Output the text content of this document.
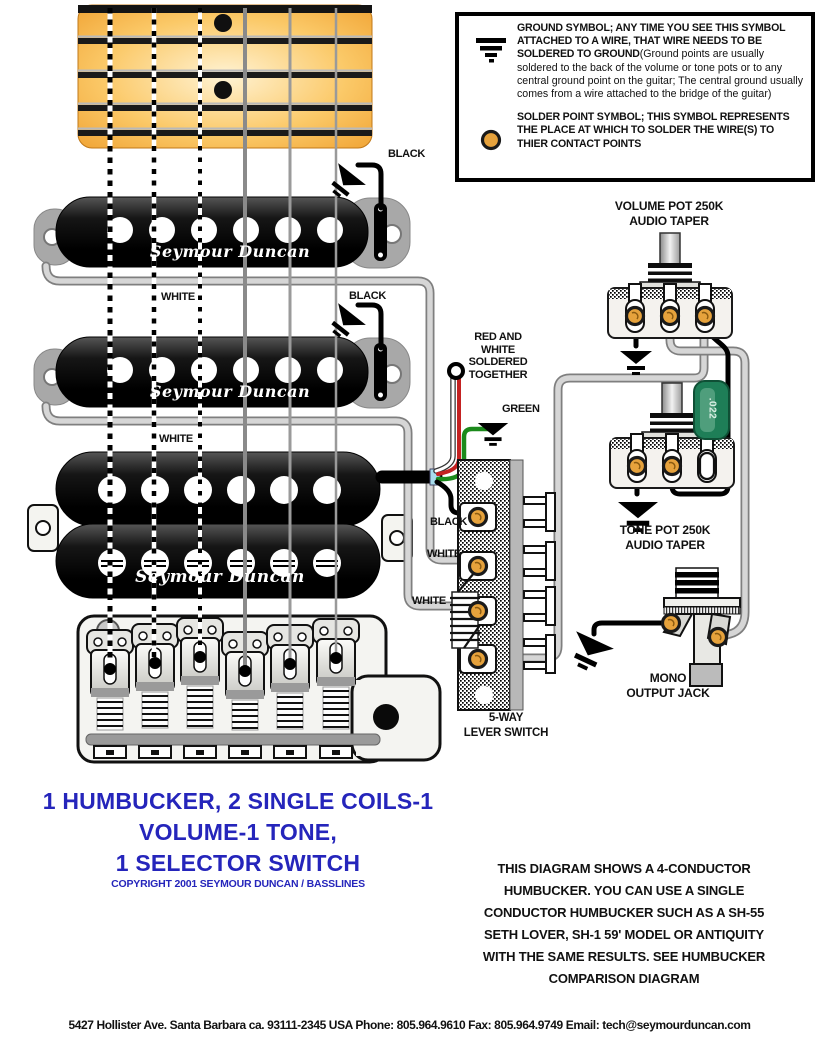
GROUND SYMBOL; ANY TIME YOU SEE THIS SYMBOL ATTACHED TO A WIRE, THAT WIRE NEEDS TO BE SOLDERED TO GROUND(Ground points are usually soldered to the back of the volume or tone pots or to any central ground point on the guitar; The central ground usually comes from a wire attached to the bridge of the guitar)
SOLDER POINT SYMBOL; THIS SYMBOL REPRESENTS THE PLACE AT WHICH TO SOLDER THE WIRE(S) TO THIER CONTACT POINTS
BLACK
WHITE	BLACK
WHITE
RED AND WHITE SOLDERED TOGETHER
GREEN
BLACK
WHITE
WHITE
VOLUME POT 250K
AUDIO TAPER
TONE POT 250K
AUDIO TAPER
5-WAY
LEVER SWITCH
MONO
OUTPUT JACK
.022
Seymour Duncan
Seymour Duncan
Seymour Duncan
1 HUMBUCKER, 2 SINGLE COILS-1
VOLUME-1 TONE,
1 SELECTOR SWITCH
COPYRIGHT 2001 SEYMOUR DUNCAN / BASSLINES
THIS DIAGRAM SHOWS A 4-CONDUCTOR
HUMBUCKER. YOU CAN USE A SINGLE
CONDUCTOR HUMBUCKER SUCH AS A SH-55
SETH LOVER, SH-1 59' MODEL OR ANTIQUITY
WITH THE SAME RESULTS. SEE HUMBUCKER
COMPARISON DIAGRAM
5427 Hollister Ave. Santa Barbara ca. 93111-2345 USA Phone: 805.964.9610 Fax: 805.964.9749 Email: tech@seymourduncan.com
